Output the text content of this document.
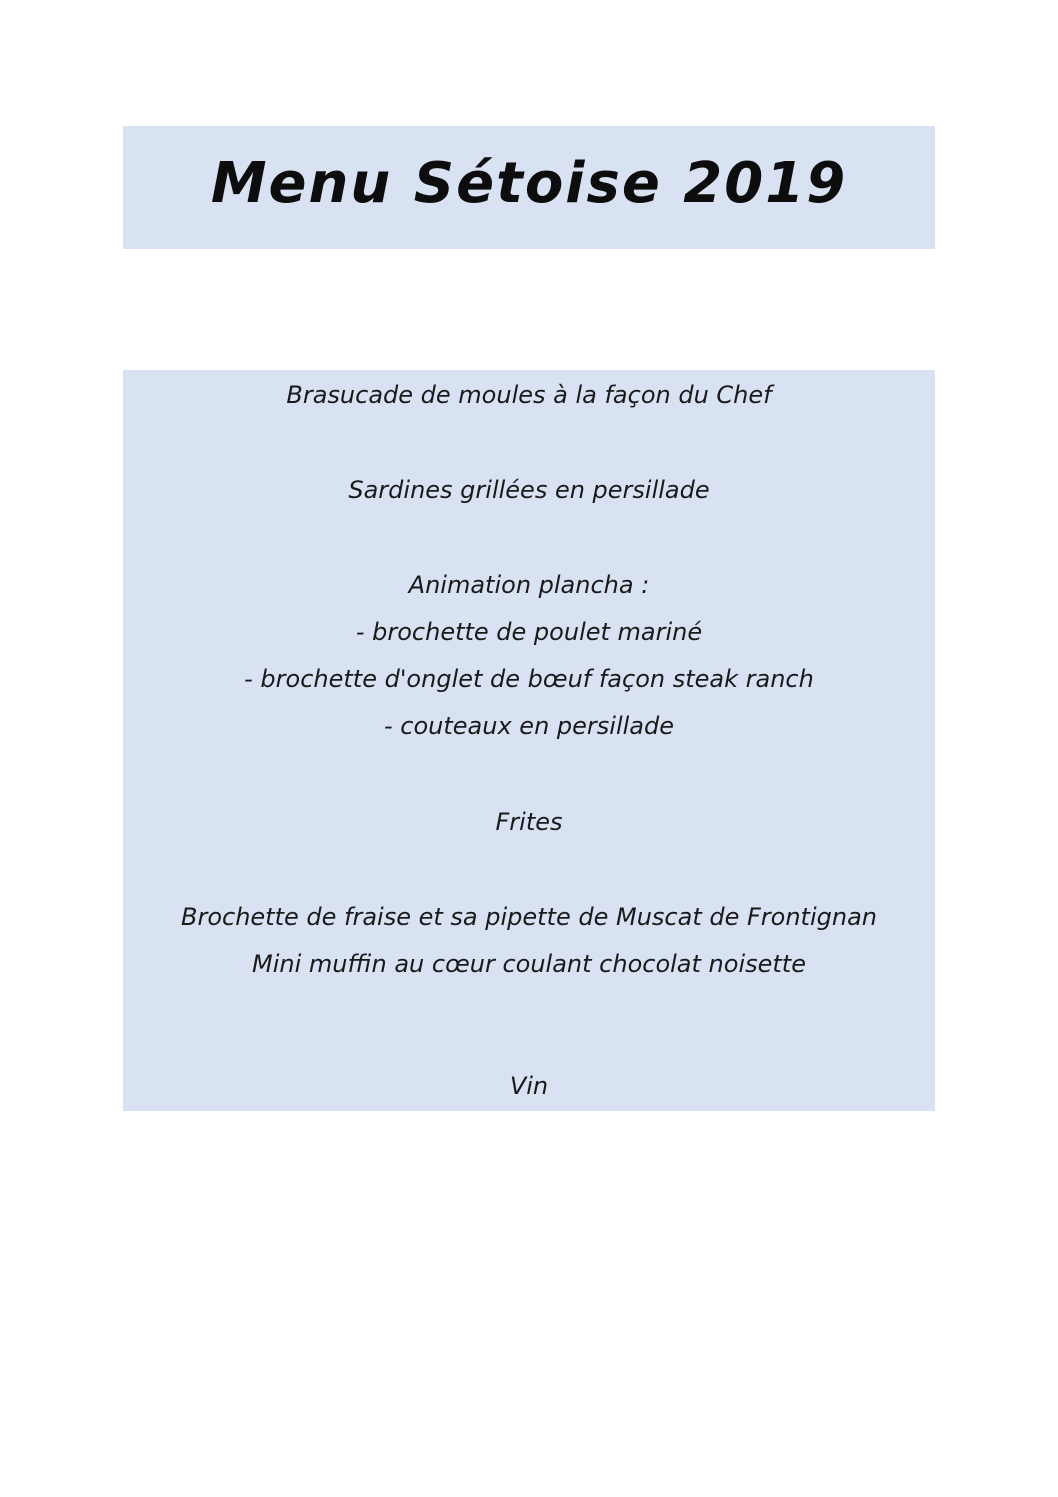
Menu Sétoise 2019
Brasucade de moules à la façon du Chef
Sardines grillées en persillade
Animation plancha :
- brochette de poulet mariné
- brochette d'onglet de bœuf façon steak ranch
- couteaux en persillade
Frites
Brochette de fraise et sa pipette de Muscat de Frontignan
Mini muffin au cœur coulant chocolat noisette
Vin
